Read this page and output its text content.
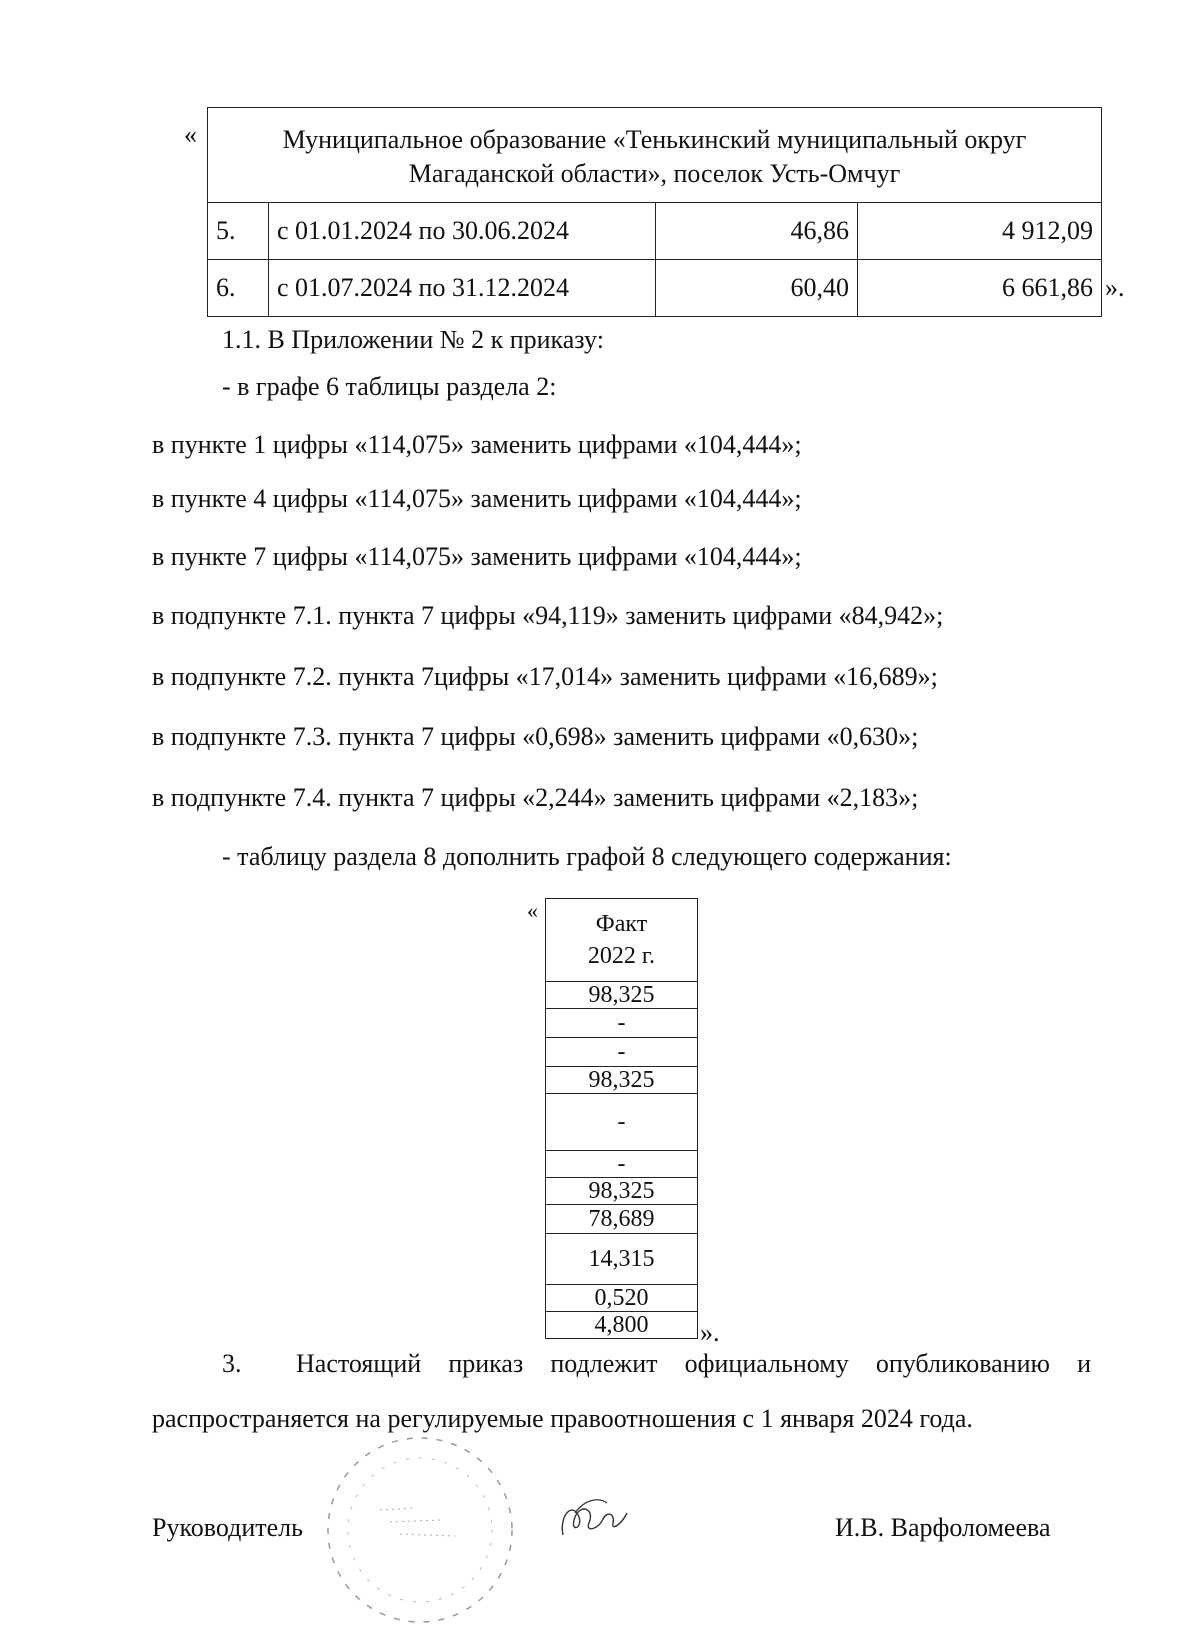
«	Муниципальное образование «Тенькинский муниципальный округ
Магаданской области», поселок Усть-Омчуг			

5.	с 01.01.2024 по 30.06.2024	46,86	4 912,09
6.	с 01.07.2024 по 31.12.2024	60,40	6 661,86 ».
1.1. В Приложении № 2 к приказу:
- в графе 6 таблицы раздела 2:
в пункте 1 цифры «114,075» заменить цифрами «104,444»;
в пункте 4 цифры «114,075» заменить цифрами «104,444»;
в пункте 7 цифры «114,075» заменить цифрами «104,444»;
в подпункте 7.1. пункта 7 цифры «94,119» заменить цифрами «84,942»;
в подпункте 7.2. пункта 7цифры «17,014» заменить цифрами «16,689»;
в подпункте 7.3. пункта 7 цифры «0,698» заменить цифрами «0,630»;
в подпункте 7.4. пункта 7 цифры «2,244» заменить цифрами «2,183»;
- таблицу раздела 8 дополнить графой 8 следующего содержания:
«
Факт
2022 г.

98,325
-
-
98,325
-
-
98,325
78,689
14,315
0,520
4,800 ».
3. Настоящий приказ подлежит официальному опубликованию и
распространяется на регулируемые правоотношения с 1 января 2024 года.
Руководитель	И.В. Варфоломеева
